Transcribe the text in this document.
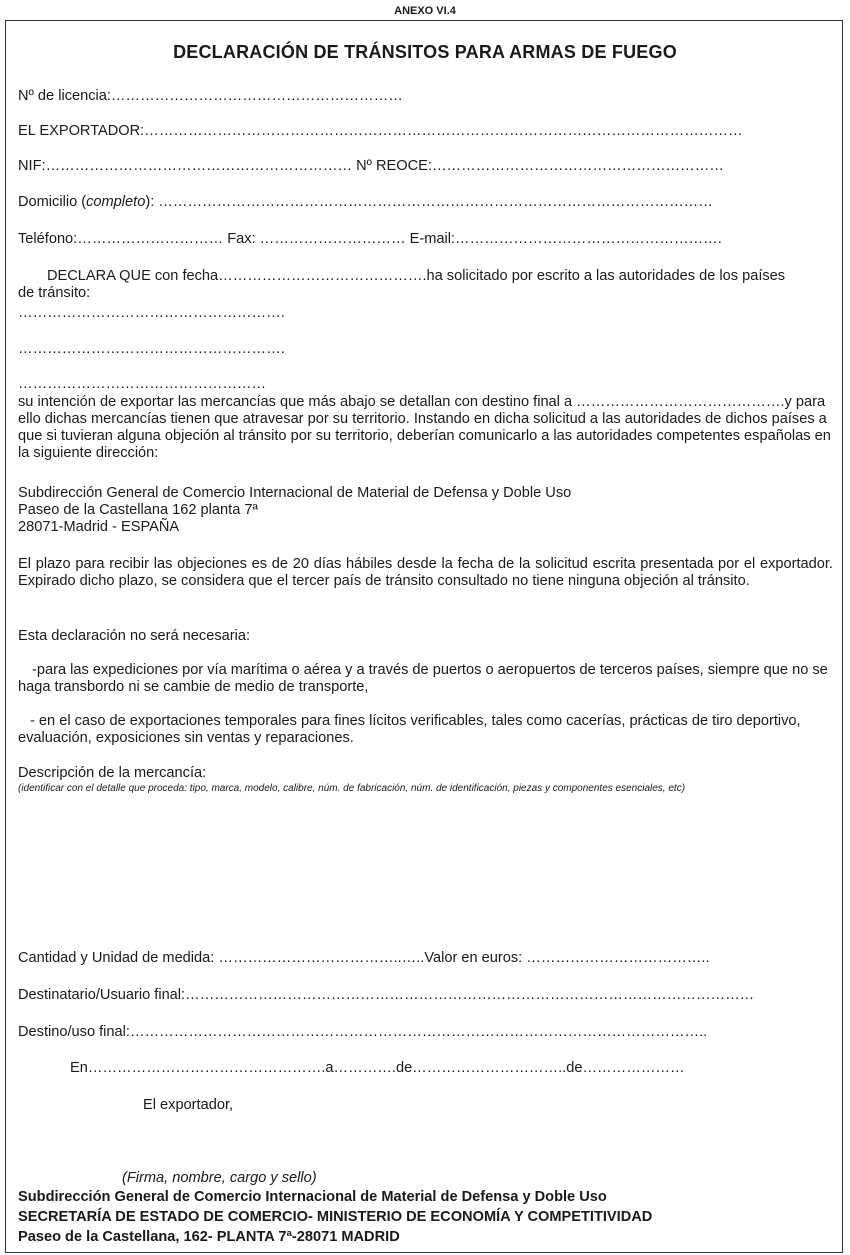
ANEXO VI.4
DECLARACIÓN DE TRÁNSITOS PARA ARMAS DE FUEGO
Nº de licencia:……………………………………………………
EL EXPORTADOR:……………………………………………………………………………………………………………
NIF:……………………………………………………… Nº REOCE:……………………………………………………
Domicilio (completo): ……………………………………………………………………………………………………
Teléfono:………………………… Fax: ………………………… E-mail:……………………………………………….
DECLARA QUE con fecha…………………………………….ha solicitado por escrito a las autoridades de los países
de tránsito:
……………………………………………….
……………………………………………….
……………………………………………
su intención de exportar las mercancías que más abajo se detallan con destino final a …………………………………….y para ello dichas mercancías tienen que atravesar por su territorio. Instando en dicha solicitud a las autoridades de dichos países a que si tuvieran alguna objeción al tránsito por su territorio, deberían comunicarlo a las autoridades competentes españolas en la siguiente dirección:
Subdirección General de Comercio Internacional de Material de Defensa y Doble Uso
Paseo de la Castellana 162 planta 7ª
28071-Madrid - ESPAÑA
El plazo para recibir las objeciones es de 20 días hábiles desde la fecha de la solicitud escrita presentada por el exportador. Expirado dicho plazo, se considera que el tercer país de tránsito consultado no tiene ninguna objeción al tránsito.
Esta declaración no será necesaria:
-para las expediciones por vía marítima o aérea y a través de puertos o aeropuertos de terceros países, siempre que no se haga transbordo ni se cambie de medio de transporte,
- en el caso de exportaciones temporales para fines lícitos verificables, tales como cacerías, prácticas de tiro deportivo, evaluación, exposiciones sin ventas y reparaciones.
Descripción de la mercancía:
(identificar con el detalle que proceda: tipo, marca, modelo, calibre, núm. de fabricación, núm. de identificación, piezas y componentes esenciales, etc)
Cantidad y Unidad de medida: ………………………………..…..Valor en euros: ………………………………..
Destinatario/Usuario final:………………………………………………………………………………………………………
Destino/uso final:………………………………………………………………………………………………………..
En………………………………………….a………….de…………………………..de…………………
El exportador,
(Firma, nombre, cargo y sello)
Subdirección General de Comercio Internacional de Material de Defensa y Doble Uso
SECRETARÍA DE ESTADO DE COMERCIO- MINISTERIO DE ECONOMÍA Y COMPETITIVIDAD
Paseo de la Castellana, 162- PLANTA 7ª-28071 MADRID
